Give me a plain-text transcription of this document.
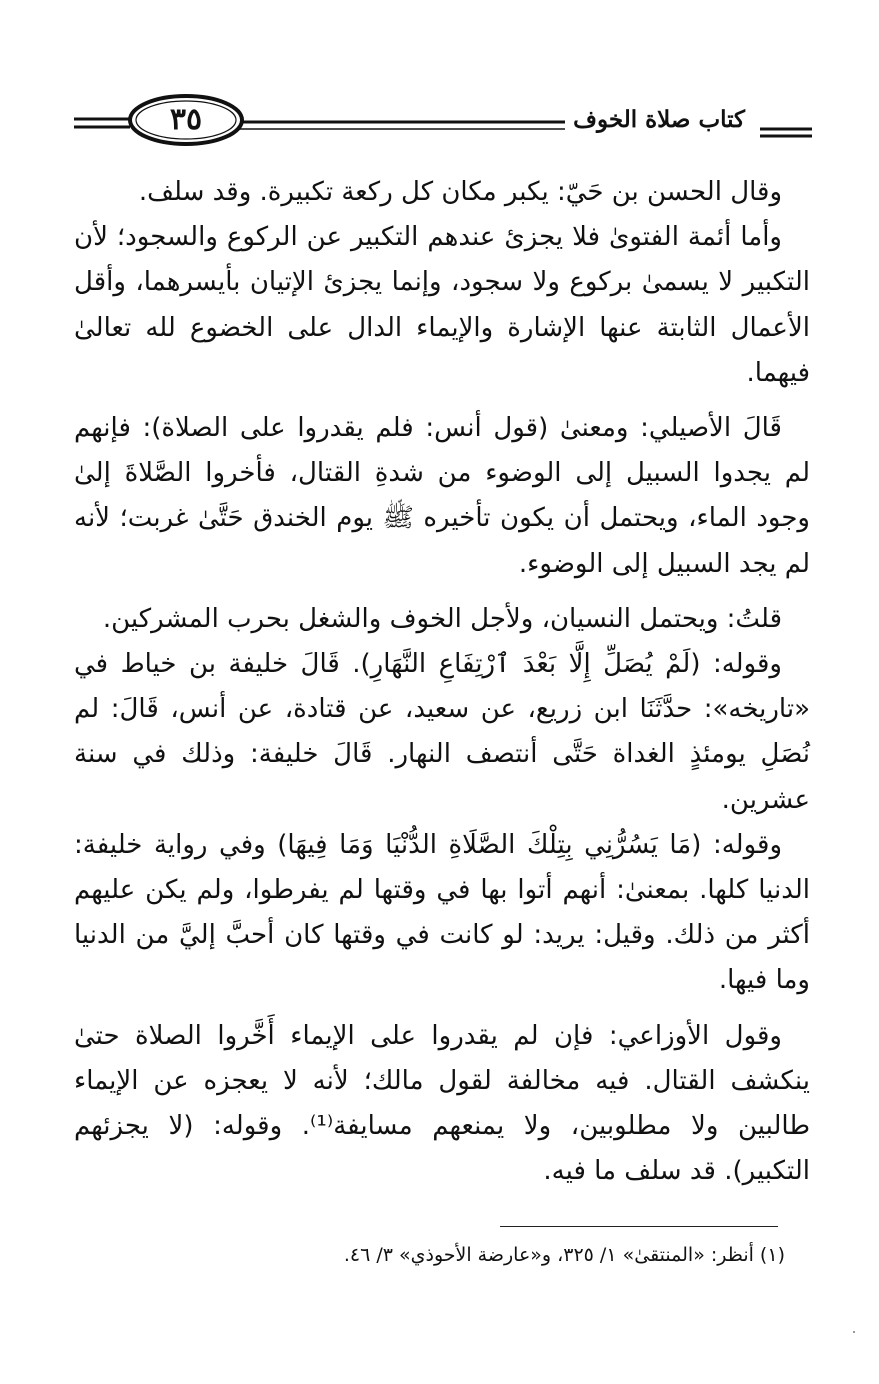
٣٥	كتاب صلاة الخوف

وقال الحسن بن حَيّ: يكبر مكان كل ركعة تكبيرة. وقد سلف.

وأما أئمة الفتوىٰ فلا يجزئ عندهم التكبير عن الركوع والسجود؛ لأن التكبير لا يسمىٰ بركوع ولا سجود، وإنما يجزئ الإتيان بأيسرهما، وأقل الأعمال الثابتة عنها الإشارة والإيماء الدال على الخضوع لله تعالىٰ فيهما.

قَالَ الأصيلي: ومعنىٰ (قول أنس: فلم يقدروا على الصلاة): فإنهم لم يجدوا السبيل إلى الوضوء من شدةِ القتال، فأخروا الصَّلاةَ إلىٰ وجود الماء، ويحتمل أن يكون تأخيره ﷺ يوم الخندق حَتَّىٰ غربت؛ لأنه لم يجد السبيل إلى الوضوء.

قلتُ: ويحتمل النسيان، ولأجل الخوف والشغل بحرب المشركين.

وقوله: (لَمْ يُصَلِّ إِلَّا بَعْدَ ٱرْتِفَاعِ النَّهَارِ). قَالَ خليفة بن خياط في «تاريخه»: حدَّثَنَا ابن زريع، عن سعيد، عن قتادة، عن أنس، قَالَ: لم نُصَلِ يومئذٍ الغداة حَتَّى أنتصف النهار. قَالَ خليفة: وذلك في سنة عشرين.

وقوله: (مَا يَسُرُّنِي بِتِلْكَ الصَّلَاةِ الدُّنْيَا وَمَا فِيهَا) وفي رواية خليفة: الدنيا كلها. بمعنىٰ: أنهم أتوا بها في وقتها لم يفرطوا، ولم يكن عليهم أكثر من ذلك. وقيل: يريد: لو كانت في وقتها كان أحبَّ إليَّ من الدنيا وما فيها.

وقول الأوزاعي: فإن لم يقدروا على الإيماء أَخَّروا الصلاة حتىٰ ينكشف القتال. فيه مخالفة لقول مالك؛ لأنه لا يعجزه عن الإيماء طالبين ولا مطلوبين، ولا يمنعهم مسايفة⁽¹⁾. وقوله: (لا يجزئهم التكبير). قد سلف ما فيه.

(١) أنظر: «المنتقىٰ» ١/ ٣٢٥، و«عارضة الأحوذي» ٣/ ٤٦.
